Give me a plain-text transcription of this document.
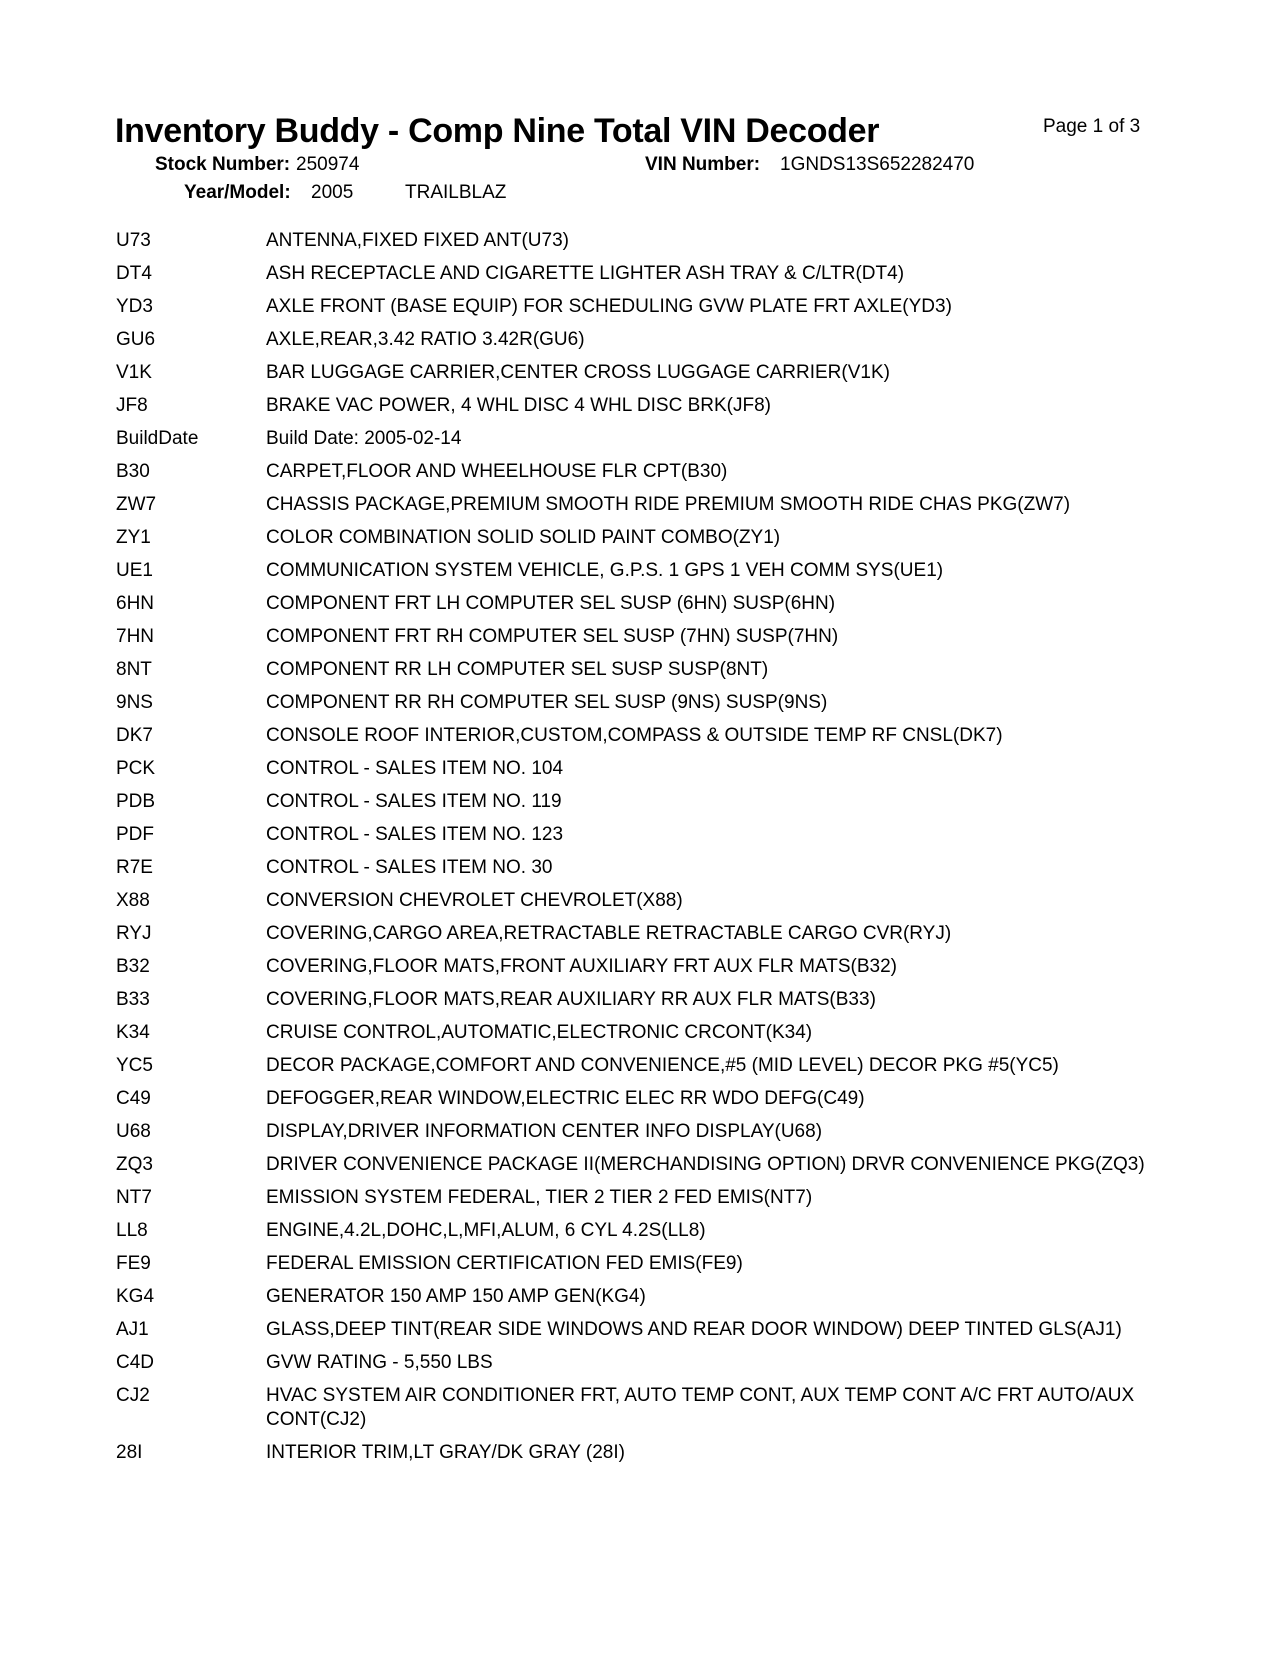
Inventory Buddy - Comp Nine Total VIN Decoder	Page 1 of 3
Stock Number: 250974	VIN Number: 1GNDS13S652282470
Year/Model: 2005	TRAILBLAZ
U73	ANTENNA,FIXED FIXED ANT(U73)
DT4	ASH RECEPTACLE AND CIGARETTE LIGHTER ASH TRAY & C/LTR(DT4)
YD3	AXLE FRONT (BASE EQUIP) FOR SCHEDULING GVW PLATE FRT AXLE(YD3)
GU6	AXLE,REAR,3.42 RATIO 3.42R(GU6)
V1K	BAR LUGGAGE CARRIER,CENTER CROSS LUGGAGE CARRIER(V1K)
JF8	BRAKE VAC POWER, 4 WHL DISC 4 WHL DISC BRK(JF8)
BuildDate	Build Date: 2005-02-14
B30	CARPET,FLOOR AND WHEELHOUSE FLR CPT(B30)
ZW7	CHASSIS PACKAGE,PREMIUM SMOOTH RIDE PREMIUM SMOOTH RIDE CHAS PKG(ZW7)
ZY1	COLOR COMBINATION SOLID SOLID PAINT COMBO(ZY1)
UE1	COMMUNICATION SYSTEM VEHICLE, G.P.S. 1 GPS 1 VEH COMM SYS(UE1)
6HN	COMPONENT FRT LH COMPUTER SEL SUSP (6HN) SUSP(6HN)
7HN	COMPONENT FRT RH COMPUTER SEL SUSP (7HN) SUSP(7HN)
8NT	COMPONENT RR LH COMPUTER SEL SUSP SUSP(8NT)
9NS	COMPONENT RR RH COMPUTER SEL SUSP (9NS) SUSP(9NS)
DK7	CONSOLE ROOF INTERIOR,CUSTOM,COMPASS & OUTSIDE TEMP RF CNSL(DK7)
PCK	CONTROL - SALES ITEM NO. 104
PDB	CONTROL - SALES ITEM NO. 119
PDF	CONTROL - SALES ITEM NO. 123
R7E	CONTROL - SALES ITEM NO. 30
X88	CONVERSION CHEVROLET CHEVROLET(X88)
RYJ	COVERING,CARGO AREA,RETRACTABLE RETRACTABLE CARGO CVR(RYJ)
B32	COVERING,FLOOR MATS,FRONT AUXILIARY FRT AUX FLR MATS(B32)
B33	COVERING,FLOOR MATS,REAR AUXILIARY RR AUX FLR MATS(B33)
K34	CRUISE CONTROL,AUTOMATIC,ELECTRONIC CRCONT(K34)
YC5	DECOR PACKAGE,COMFORT AND CONVENIENCE,#5 (MID LEVEL) DECOR PKG #5(YC5)
C49	DEFOGGER,REAR WINDOW,ELECTRIC ELEC RR WDO DEFG(C49)
U68	DISPLAY,DRIVER INFORMATION CENTER INFO DISPLAY(U68)
ZQ3	DRIVER CONVENIENCE PACKAGE II(MERCHANDISING OPTION) DRVR CONVENIENCE PKG(ZQ3)
NT7	EMISSION SYSTEM FEDERAL, TIER 2 TIER 2 FED EMIS(NT7)
LL8	ENGINE,4.2L,DOHC,L,MFI,ALUM, 6 CYL 4.2S(LL8)
FE9	FEDERAL EMISSION CERTIFICATION FED EMIS(FE9)
KG4	GENERATOR 150 AMP 150 AMP GEN(KG4)
AJ1	GLASS,DEEP TINT(REAR SIDE WINDOWS AND REAR DOOR WINDOW) DEEP TINTED GLS(AJ1)
C4D	GVW RATING - 5,550 LBS
CJ2	HVAC SYSTEM AIR CONDITIONER FRT, AUTO TEMP CONT, AUX TEMP CONT A/C FRT AUTO/AUX CONT(CJ2)
28I	INTERIOR TRIM,LT GRAY/DK GRAY (28I)
